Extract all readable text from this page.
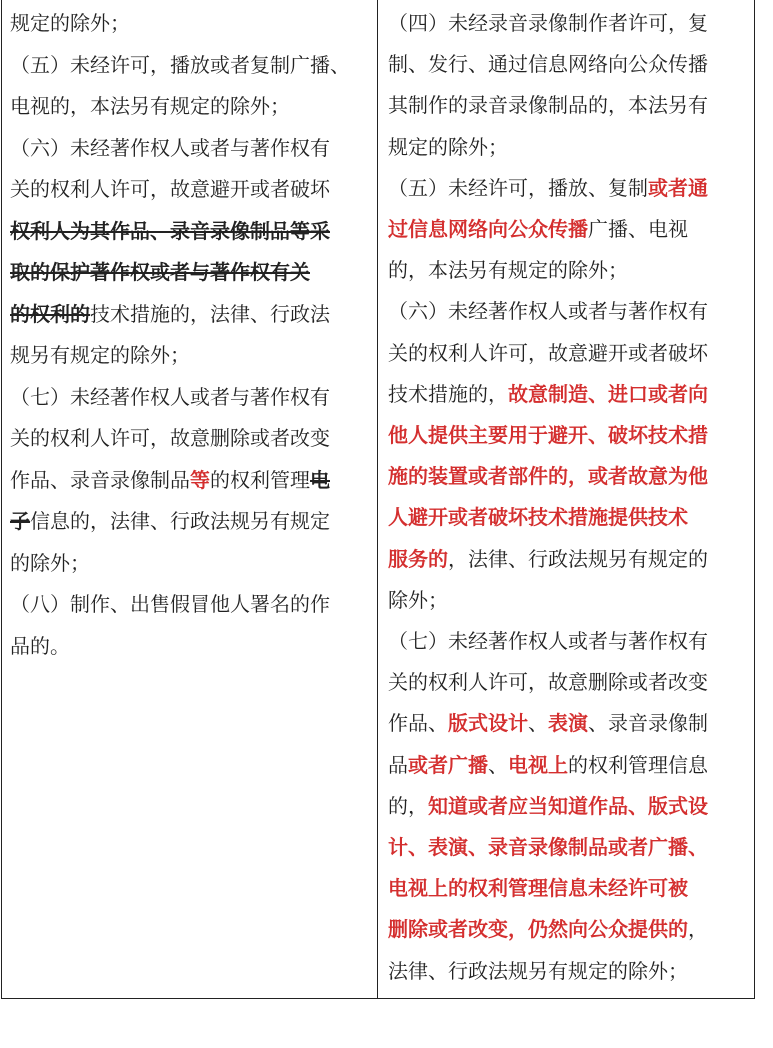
规定的除外；
（五）未经许可，播放或者复制广播、
电视的，本法另有规定的除外；
（六）未经著作权人或者与著作权有
关的权利人许可，故意避开或者破坏
权利人为其作品、录音录像制品等采
取的保护著作权或者与著作权有关
的权利的技术措施的，法律、行政法
规另有规定的除外；
（七）未经著作权人或者与著作权有
关的权利人许可，故意删除或者改变
作品、录音录像制品等的权利管理电
子信息的，法律、行政法规另有规定
的除外；
（八）制作、出售假冒他人署名的作
品的。
（四）未经录音录像制作者许可，复
制、发行、通过信息网络向公众传播
其制作的录音录像制品的，本法另有
规定的除外；
（五）未经许可，播放、复制或者通
过信息网络向公众传播广播、电视
的，本法另有规定的除外；
（六）未经著作权人或者与著作权有
关的权利人许可，故意避开或者破坏
技术措施的，故意制造、进口或者向
他人提供主要用于避开、破坏技术措
施的装置或者部件的，或者故意为他
人避开或者破坏技术措施提供技术
服务的，法律、行政法规另有规定的
除外；
（七）未经著作权人或者与著作权有
关的权利人许可，故意删除或者改变
作品、版式设计、表演、录音录像制
品或者广播、电视上的权利管理信息
的，知道或者应当知道作品、版式设
计、表演、录音录像制品或者广播、
电视上的权利管理信息未经许可被
删除或者改变，仍然向公众提供的，
法律、行政法规另有规定的除外；
